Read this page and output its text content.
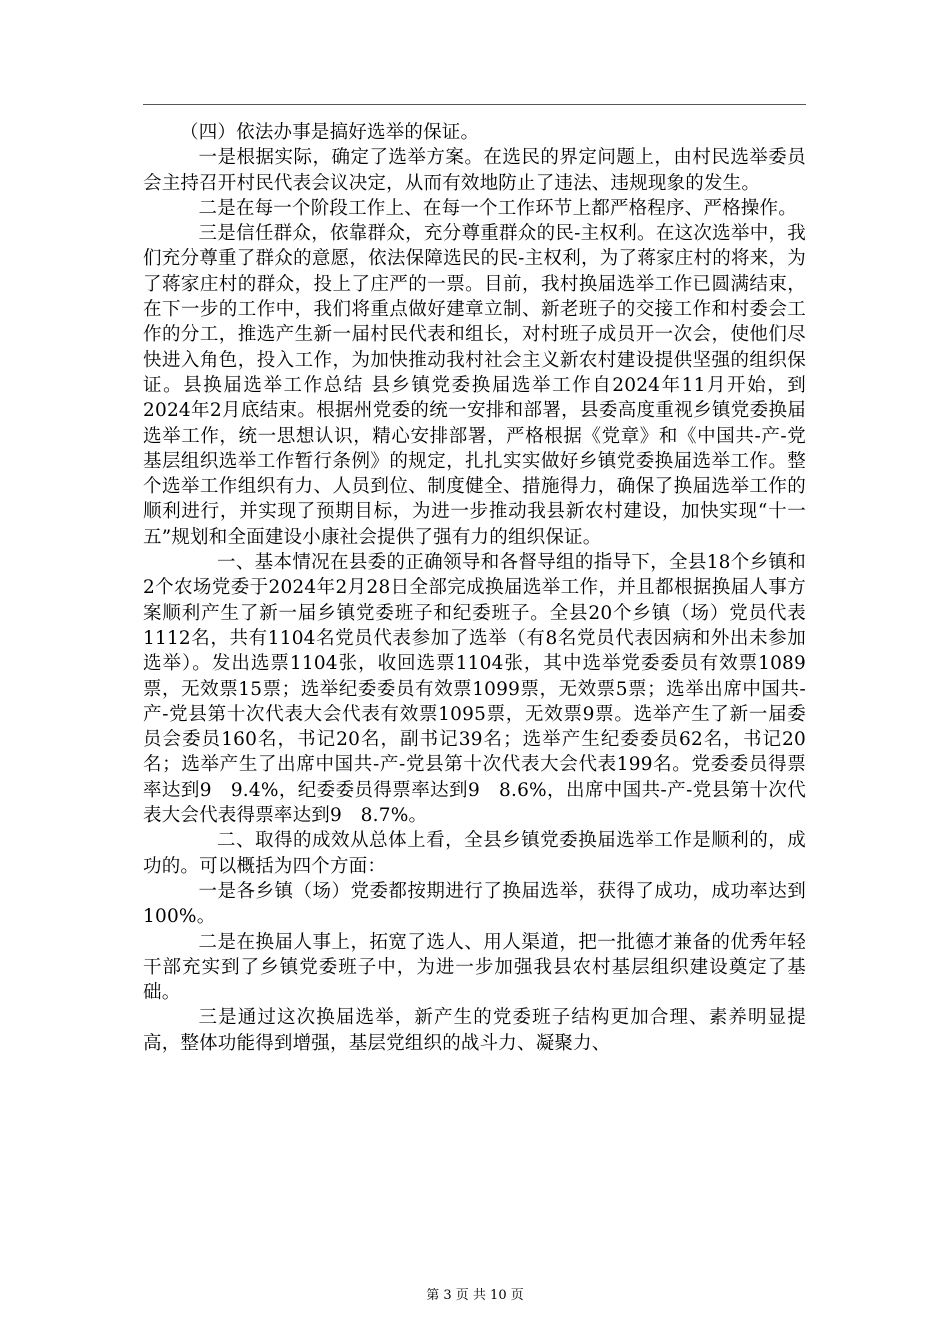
（四）依法办事是搞好选举的保证。

一是根据实际，确定了选举方案。在选民的界定问题上，由村民选举委员会主持召开村民代表会议决定，从而有效地防止了违法、违规现象的发生。

二是在每一个阶段工作上、在每一个工作环节上都严格程序、严格操作。

三是信任群众，依靠群众，充分尊重群众的民-主权利。在这次选举中，我们充分尊重了群众的意愿，依法保障选民的民-主权利，为了蒋家庄村的将来，为了蒋家庄村的群众，投上了庄严的一票。目前，我村换届选举工作已圆满结束，在下一步的工作中，我们将重点做好建章立制、新老班子的交接工作和村委会工作的分工，推选产生新一届村民代表和组长，对村班子成员开一次会，使他们尽快进入角色，投入工作，为加快推动我村社会主义新农村建设提供坚强的组织保证。县换届选举工作总结 县乡镇党委换届选举工作自2024年11月开始，到2024年2月底结束。根据州党委的统一安排和部署，县委高度重视乡镇党委换届选举工作，统一思想认识，精心安排部署，严格根据《党章》和《中国共-产-党基层组织选举工作暂行条例》的规定，扎扎实实做好乡镇党委换届选举工作。整个选举工作组织有力、人员到位、制度健全、措施得力，确保了换届选举工作的顺利进行，并实现了预期目标，为进一步推动我县新农村建设，加快实现“十一五”规划和全面建设小康社会提供了强有力的组织保证。

一、基本情况在县委的正确领导和各督导组的指导下，全县18个乡镇和2个农场党委于2024年2月28日全部完成换届选举工作，并且都根据换届人事方案顺利产生了新一届乡镇党委班子和纪委班子。全县20个乡镇（场）党员代表1112名，共有1104名党员代表参加了选举（有8名党员代表因病和外出未参加选举）。发出选票1104张，收回选票1104张，其中选举党委委员有效票1089票，无效票15票；选举纪委委员有效票1099票，无效票5票；选举出席中国共-产-党县第十次代表大会代表有效票1095票，无效票9票。选举产生了新一届委员会委员160名，书记20名，副书记39名；选举产生纪委委员62名，书记20名；选举产生了出席中国共-产-党县第十次代表大会代表199名。党委委员得票率达到9　9.4%，纪委委员得票率达到9　8.6%，出席中国共-产-党县第十次代表大会代表得票率达到9　8.7%。

二、取得的成效从总体上看，全县乡镇党委换届选举工作是顺利的，成功的。可以概括为四个方面：

一是各乡镇（场）党委都按期进行了换届选举，获得了成功，成功率达到100%。

二是在换届人事上，拓宽了选人、用人渠道，把一批德才兼备的优秀年轻干部充实到了乡镇党委班子中，为进一步加强我县农村基层组织建设奠定了基础。

三是通过这次换届选举，新产生的党委班子结构更加合理、素养明显提高，整体功能得到增强，基层党组织的战斗力、凝聚力、

第 3 页 共 10 页
